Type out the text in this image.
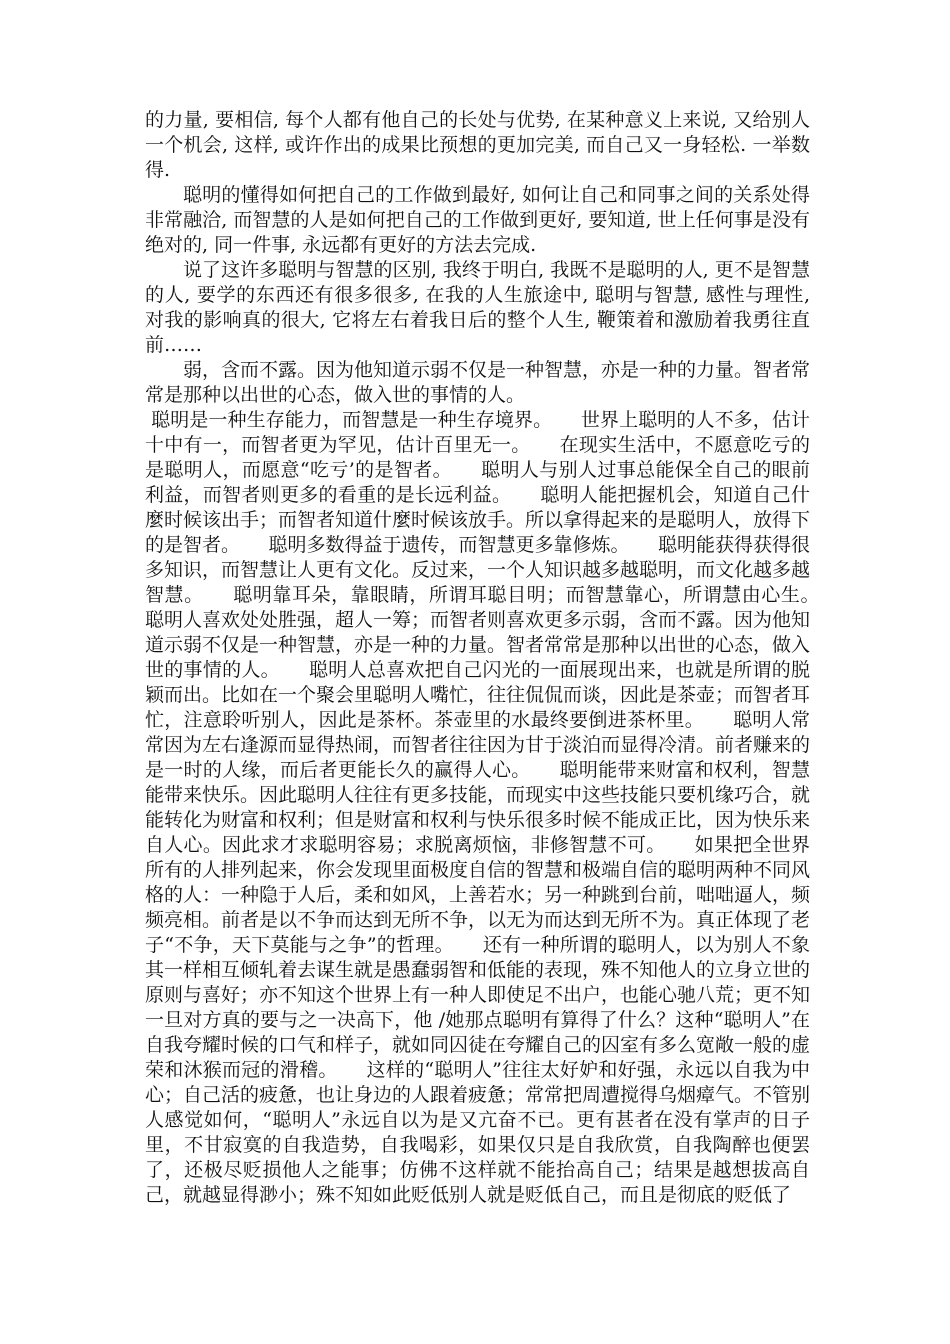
的力量, 要相信, 每个人都有他自己的长处与优势, 在某种意义上来说, 又给别人一个机会, 这样, 或许作出的成果比预想的更加完美, 而自己又一身轻松. 一举数得.

聪明的懂得如何把自己的工作做到最好, 如何让自己和同事之间的关系处得非常融洽, 而智慧的人是如何把自己的工作做到更好, 要知道, 世上任何事是没有绝对的, 同一件事, 永远都有更好的方法去完成.

说了这许多聪明与智慧的区别, 我终于明白, 我既不是聪明的人, 更不是智慧的人, 要学的东西还有很多很多, 在我的人生旅途中, 聪明与智慧, 感性与理性, 对我的影响真的很大, 它将左右着我日后的整个人生, 鞭策着和激励着我勇往直前……

弱，含而不露。因为他知道示弱不仅是一种智慧，亦是一种的力量。智者常常是那种以出世的心态，做入世的事情的人。

聪明是一种生存能力，而智慧是一种生存境界。　　世界上聪明的人不多，估计十中有一，而智者更为罕见，估计百里无一。　　在现实生活中，不愿意吃亏的是聪明人，而愿意“吃亏’的是智者。　　聪明人与别人过事总能保全自己的眼前利益，而智者则更多的看重的是长远利益。　　聪明人能把握机会，知道自己什麼时候该出手；而智者知道什麼时候该放手。所以拿得起来的是聪明人，放得下的是智者。　　聪明多数得益于遗传，而智慧更多靠修炼。　　聪明能获得获得很多知识，而智慧让人更有文化。反过来，一个人知识越多越聪明，而文化越多越智慧。　　聪明靠耳朵，靠眼睛，所谓耳聪目明；而智慧靠心，所谓慧由心生。　　聪明人喜欢处处胜强，超人一筹；而智者则喜欢更多示弱，含而不露。因为他知道示弱不仅是一种智慧，亦是一种的力量。智者常常是那种以出世的心态，做入世的事情的人。　　聪明人总喜欢把自己闪光的一面展现出来，也就是所谓的脱颖而出。比如在一个聚会里聪明人嘴忙，往往侃侃而谈，因此是茶壶；而智者耳忙，注意聆听别人，因此是茶杯。茶壶里的水最终要倒进茶杯里。　　聪明人常常因为左右逢源而显得热闹，而智者往往因为甘于淡泊而显得冷清。前者赚来的是一时的人缘，而后者更能长久的赢得人心。　　聪明能带来财富和权利，智慧能带来快乐。因此聪明人往往有更多技能，而现实中这些技能只要机缘巧合，就能转化为财富和权利；但是财富和权利与快乐很多时候不能成正比，因为快乐来自人心。因此求才求聪明容易；求脱离烦恼，非修智慧不可。　　如果把全世界所有的人排列起来，你会发现里面极度自信的智慧和极端自信的聪明两种不同风格的人：一种隐于人后，柔和如风，上善若水；另一种跳到台前，咄咄逼人，频频亮相。前者是以不争而达到无所不争，以无为而达到无所不为。真正体现了老子“不争，天下莫能与之争”的哲理。　　还有一种所谓的聪明人，以为别人不象其一样相互倾轧着去谋生就是愚蠢弱智和低能的表现，殊不知他人的立身立世的原则与喜好；亦不知这个世界上有一种人即使足不出户，也能心驰八荒；更不知一旦对方真的要与之一决高下，他 /她那点聪明有算得了什么？这种“聪明人”在自我夸耀时候的口气和样子，就如同囚徒在夸耀自己的囚室有多么宽敞一般的虚荣和沐猴而冠的滑稽。　　这样的“聪明人”往往太好妒和好强，永远以自我为中心；自己活的疲惫，也让身边的人跟着疲惫；常常把周遭搅得乌烟瘴气。不管别人感觉如何，“聪明人”永远自以为是又亢奋不已。更有甚者在没有掌声的日子里，不甘寂寞的自我造势，自我喝彩，如果仅只是自我欣赏，自我陶醉也便罢了，还极尽贬损他人之能事；仿佛不这样就不能抬高自己；结果是越想拔高自己，就越显得渺小；殊不知如此贬低别人就是贬低自己，而且是彻底的贬低了
